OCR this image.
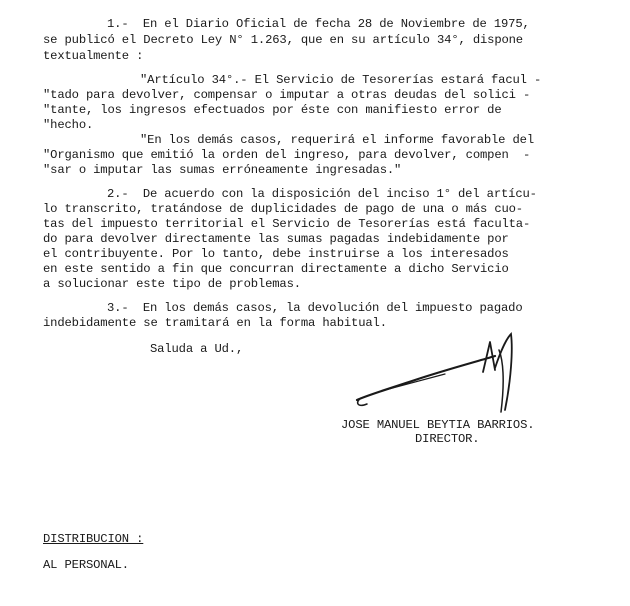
1.-  En el Diario Oficial de fecha 28 de Noviembre de 1975,
se publicó el Decreto Ley N° 1.263, que en su artículo 34°, dispone
textualmente :
"Artículo 34°.- El Servicio de Tesorerías estará facul -
"tado para devolver, compensar o imputar a otras deudas del solici -
"tante, los ingresos efectuados por éste con manifiesto error de
"hecho.
"En los demás casos, requerirá el informe favorable del
"Organismo que emitió la orden del ingreso, para devolver, compen  -
"sar o imputar las sumas erróneamente ingresadas."
2.-  De acuerdo con la disposición del inciso 1° del artícu-
lo transcrito, tratándose de duplicidades de pago de una o más cuo-
tas del impuesto territorial el Servicio de Tesorerías está faculta-
do para devolver directamente las sumas pagadas indebidamente por
el contribuyente. Por lo tanto, debe instruirse a los interesados
en este sentido a fin que concurran directamente a dicho Servicio
a solucionar este tipo de problemas.
3.-  En los demás casos, la devolución del impuesto pagado
indebidamente se tramitará en la forma habitual.
Saluda a Ud.,
JOSE MANUEL BEYTIA BARRIOS.
DIRECTOR.
DISTRIBUCION :
AL PERSONAL.
